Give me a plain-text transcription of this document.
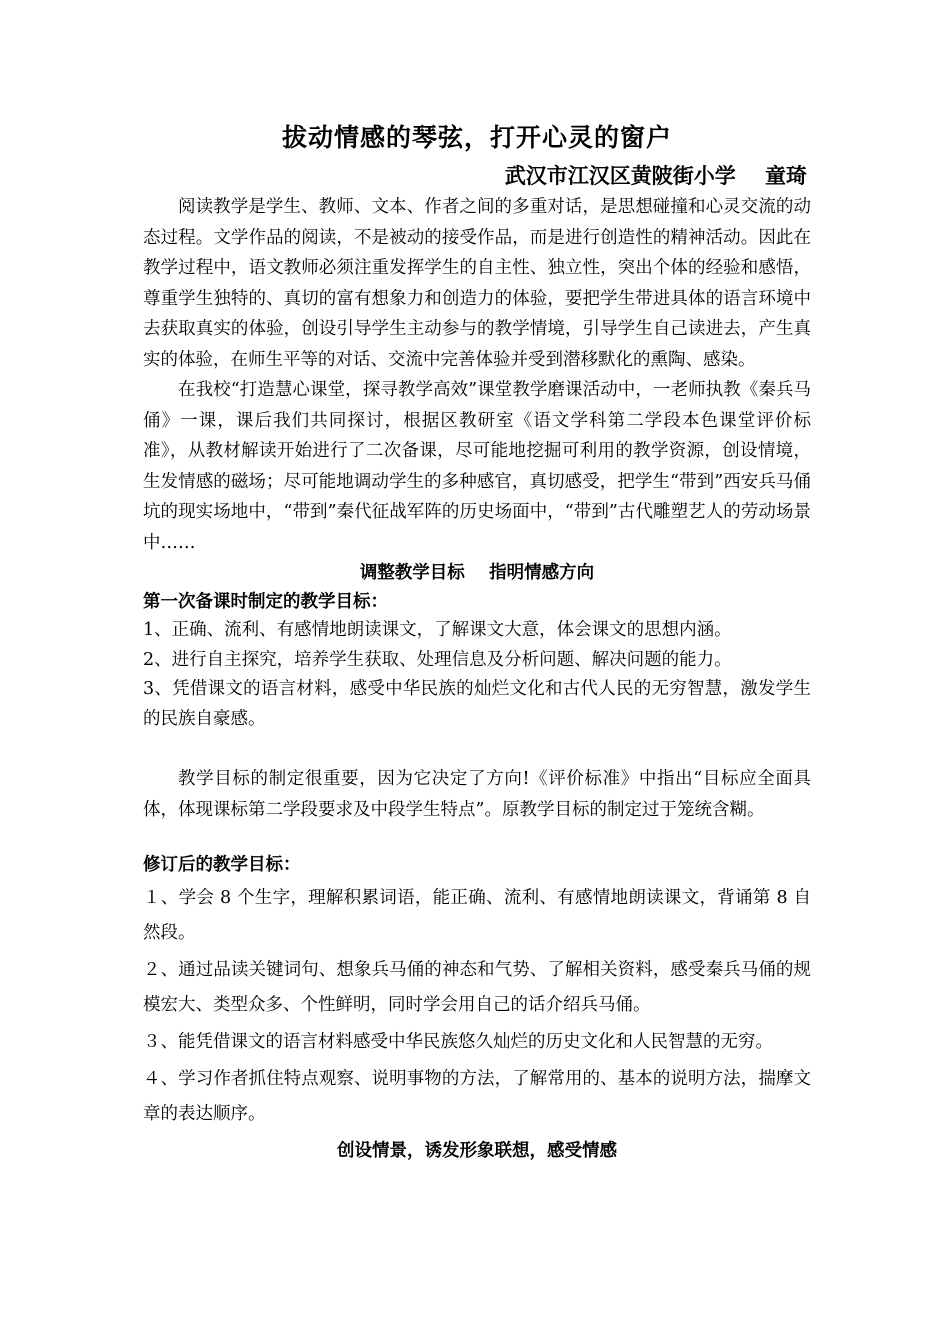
拔动情感的琴弦，打开心灵的窗户
武汉市江汉区黄陂街小学    童琦

阅读教学是学生、教师、文本、作者之间的多重对话，是思想碰撞和心灵交流的动态过程。文学作品的阅读，不是被动的接受作品，而是进行创造性的精神活动。因此在教学过程中，语文教师必须注重发挥学生的自主性、独立性，突出个体的经验和感悟，尊重学生独特的、真切的富有想象力和创造力的体验，要把学生带进具体的语言环境中去获取真实的体验，创设引导学生主动参与的教学情境，引导学生自己读进去，产生真实的体验，在师生平等的对话、交流中完善体验并受到潜移默化的熏陶、感染。

在我校“打造慧心课堂，探寻教学高效”课堂教学磨课活动中，一老师执教《秦兵马俑》一课，课后我们共同探讨，根据区教研室《语文学科第二学段本色课堂评价标准》，从教材解读开始进行了二次备课，尽可能地挖掘可利用的教学资源，创设情境，生发情感的磁场；尽可能地调动学生的多种感官，真切感受，把学生“带到”西安兵马俑坑的现实场地中，“带到”秦代征战军阵的历史场面中，“带到”古代雕塑艺人的劳动场景中……

调整教学目标    指明情感方向
第一次备课时制定的教学目标：

1、正确、流利、有感情地朗读课文，了解课文大意，体会课文的思想内涵。

2、进行自主探究，培养学生获取、处理信息及分析问题、解决问题的能力。

3、凭借课文的语言材料，感受中华民族的灿烂文化和古代人民的无穷智慧，激发学生的民族自豪感。

教学目标的制定很重要，因为它决定了方向!《评价标准》中指出“目标应全面具体，体现课标第二学段要求及中段学生特点”。原教学目标的制定过于笼统含糊。

修订后的教学目标：

１、学会 8 个生字，理解积累词语，能正确、流利、有感情地朗读课文，背诵第 8 自然段。

２、通过品读关键词句、想象兵马俑的神态和气势、了解相关资料，感受秦兵马俑的规模宏大、类型众多、个性鲜明，同时学会用自己的话介绍兵马俑。

３、能凭借课文的语言材料感受中华民族悠久灿烂的历史文化和人民智慧的无穷。

４、学习作者抓住特点观察、说明事物的方法，了解常用的、基本的说明方法，揣摩文章的表达顺序。

创设情景，诱发形象联想，感受情感
